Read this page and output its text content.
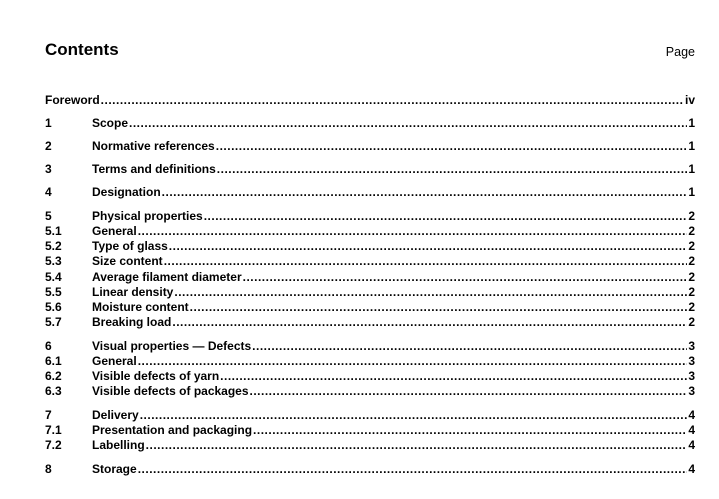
Contents	Page
Foreword .....	iv
1	Scope .....	1
2	Normative references .....	1
3	Terms and definitions .....	1
4	Designation .....	1
5	Physical properties .....	2
5.1	General .....	2
5.2	Type of glass .....	2
5.3	Size content .....	2
5.4	Average filament diameter .....	2
5.5	Linear density .....	2
5.6	Moisture content .....	2
5.7	Breaking load .....	2
6	Visual properties — Defects .....	3
6.1	General .....	3
6.2	Visible defects of yarn .....	3
6.3	Visible defects of packages .....	3
7	Delivery .....	4
7.1	Presentation and packaging .....	4
7.2	Labelling .....	4
8	Storage .....	4
